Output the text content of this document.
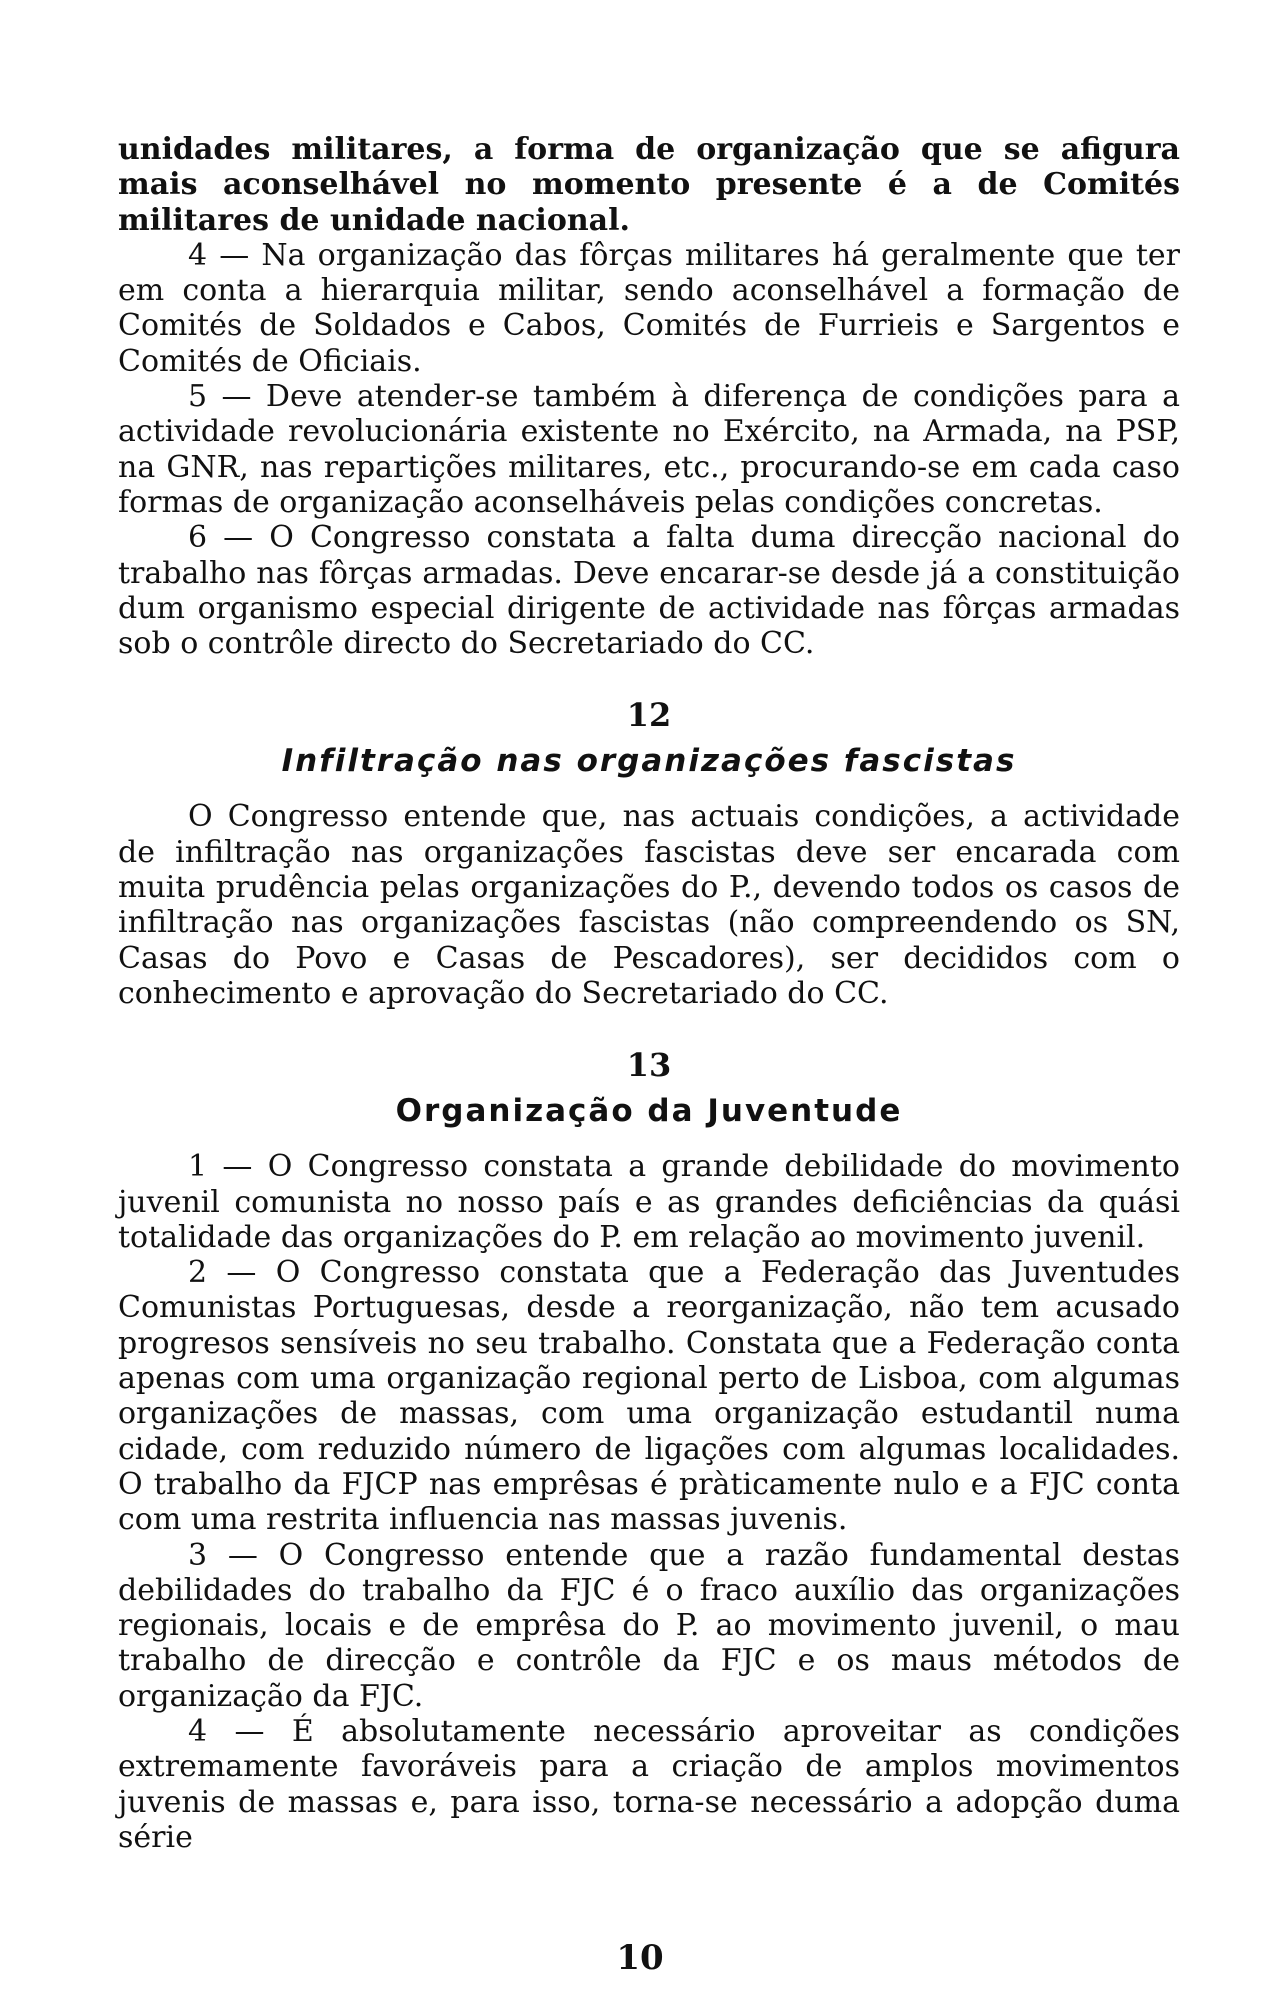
unidades militares, a forma de organização que se afigura mais aconselhável no momento presente é a de Comités militares de unidade nacional.

4 — Na organização das fôrças militares há geralmente que ter em conta a hierarquia militar, sendo aconselhável a formação de Comités de Soldados e Cabos, Comités de Furrieis e Sargentos e Comités de Oficiais.

5 — Deve atender-se também à diferença de condições para a actividade revolucionária existente no Exército, na Armada, na PSP, na GNR, nas repartições militares, etc., procurando-se em cada caso formas de organização aconselháveis pelas condições concretas.

6 — O Congresso constata a falta duma direcção nacional do trabalho nas fôrças armadas. Deve encarar-se desde já a constituição dum organismo especial dirigente de actividade nas fôrças armadas sob o contrôle directo do Secretariado do CC.

12
Infiltração nas organizações fascistas

O Congresso entende que, nas actuais condições, a actividade de infiltração nas organizações fascistas deve ser encarada com muita prudência pelas organizações do P., devendo todos os casos de infiltração nas organizações fascistas (não compreendendo os SN, Casas do Povo e Casas de Pescadores), ser decididos com o conhecimento e aprovação do Secretariado do CC.

13
Organização da Juventude

1 — O Congresso constata a grande debilidade do movimento juvenil comunista no nosso país e as grandes deficiências da quási totalidade das organizações do P. em relação ao movimento juvenil.

2 — O Congresso constata que a Federação das Juventudes Comunistas Portuguesas, desde a reorganização, não tem acusado progresos sensíveis no seu trabalho. Constata que a Federação conta apenas com uma organização regional perto de Lisboa, com algumas organizações de massas, com uma organização estudantil numa cidade, com reduzido número de ligações com algumas localidades. O trabalho da FJCP nas emprêsas é pràticamente nulo e a FJC conta com uma restrita influencia nas massas juvenis.

3 — O Congresso entende que a razão fundamental destas debilidades do trabalho da FJC é o fraco auxílio das organizações regionais, locais e de emprêsa do P. ao movimento juvenil, o mau trabalho de direcção e contrôle da FJC e os maus métodos de organização da FJC.

4 — É absolutamente necessário aproveitar as condições extremamente favoráveis para a criação de amplos movimentos juvenis de massas e, para isso, torna-se necessário a adopção duma série

10
